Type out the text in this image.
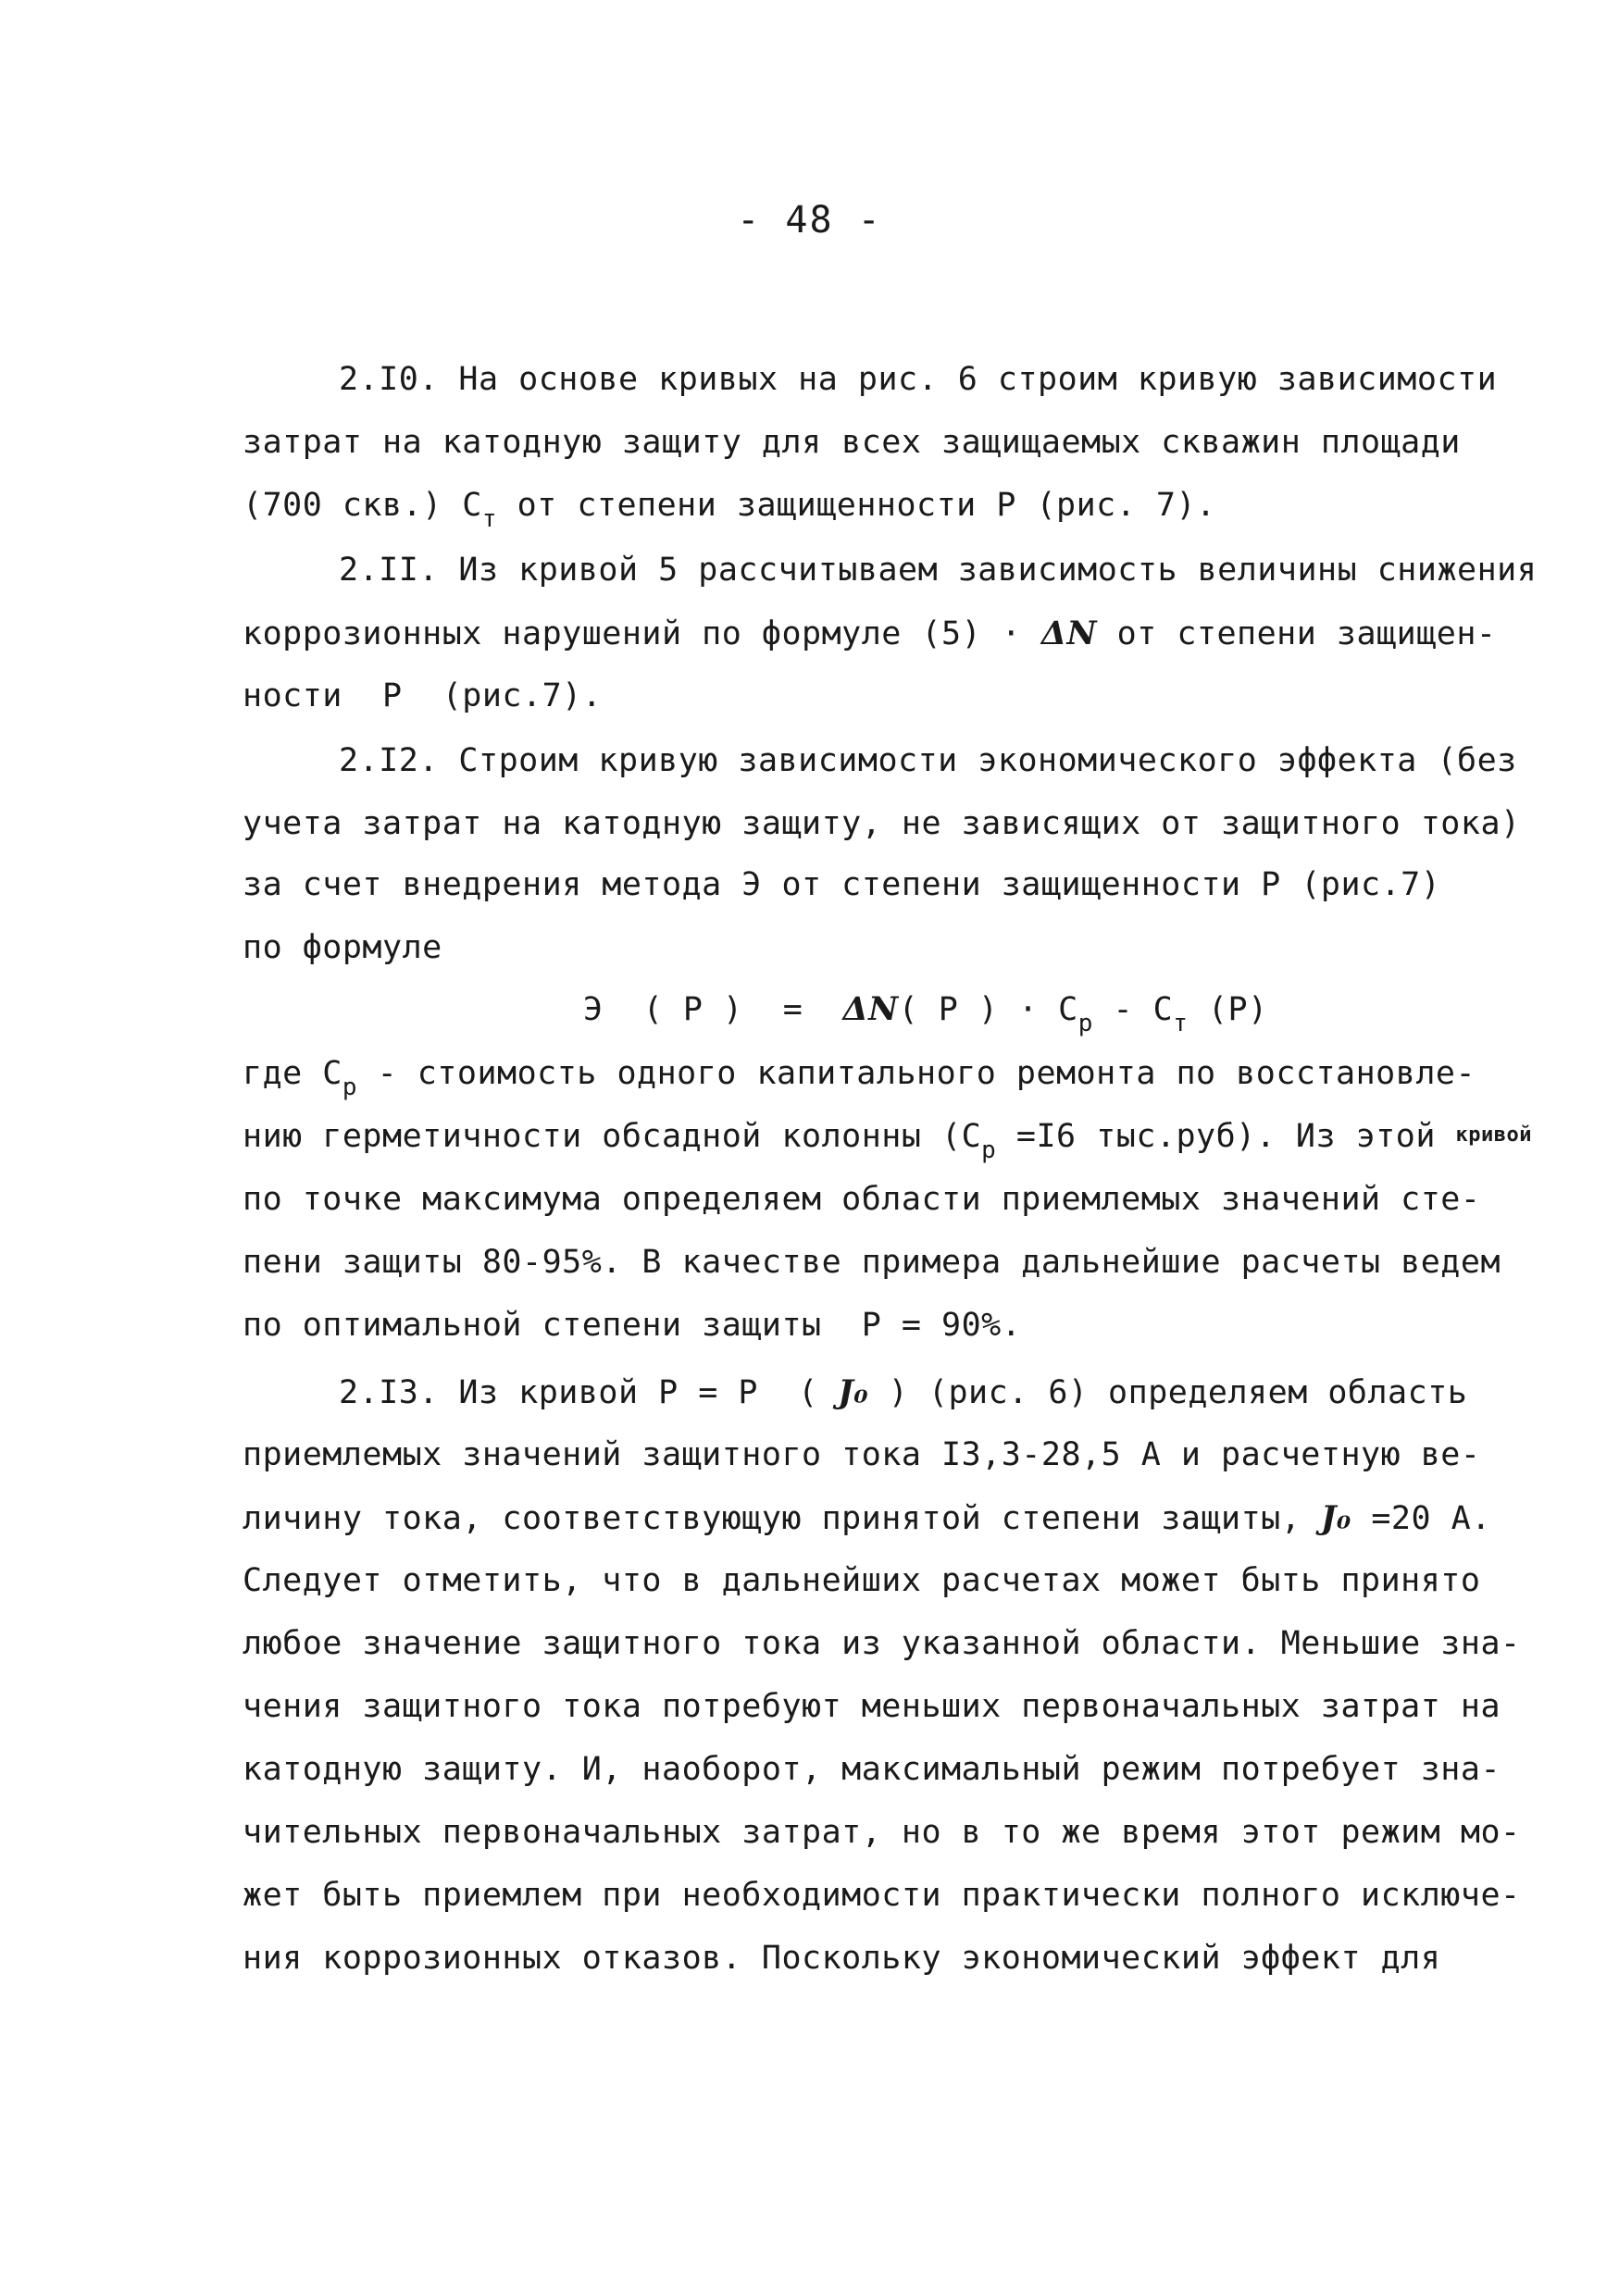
- 48 -
2.I0. На основе кривых на рис. 6 строим кривую зависимости
затрат на катодную защиту для всех защищаемых скважин площади
(700 скв.) $C_т$ от степени защищенности P (рис. 7).
2.II. Из кривой 5 рассчитываем зависимость величины снижения
коррозионных нарушений по формуле (5) · ΔN от степени защищен-
ности  P  (рис.7).
2.I2. Строим кривую зависимости экономического эффекта (без
учета затрат на катодную защиту, не зависящих от защитного тока)
за счет внедрения метода Э от степени защищенности P (рис.7)
по формуле
Э  ( P )  =  ΔN( P ) · $C_р - C_т$ (P)
где $C_р$ - стоимость одного капитального ремонта по восстановле-
нию герметичности обсадной колонны ($C_р =I6$ тыс.руб). Из этой кривой
по точке максимума определяем области приемлемых значений сте-
пени защиты 80-95%. В качестве примера дальнейшие расчеты ведем
по оптимальной степени защиты  P = 90%.
2.I3. Из кривой P = P  ( J₀ ) (рис. 6) определяем область
приемлемых значений защитного тока I3,3-28,5 A и расчетную ве-
личину тока, соответствующую принятой степени защиты, J₀ =20 A.
Следует отметить, что в дальнейших расчетах может быть принято
любое значение защитного тока из указанной области. Меньшие зна-
чения защитного тока потребуют меньших первоначальных затрат на
катодную защиту. И, наоборот, максимальный режим потребует зна-
чительных первоначальных затрат, но в то же время этот режим мо-
жет быть приемлем при необходимости практически полного исключе-
ния коррозионных отказов. Поскольку экономический эффект для
